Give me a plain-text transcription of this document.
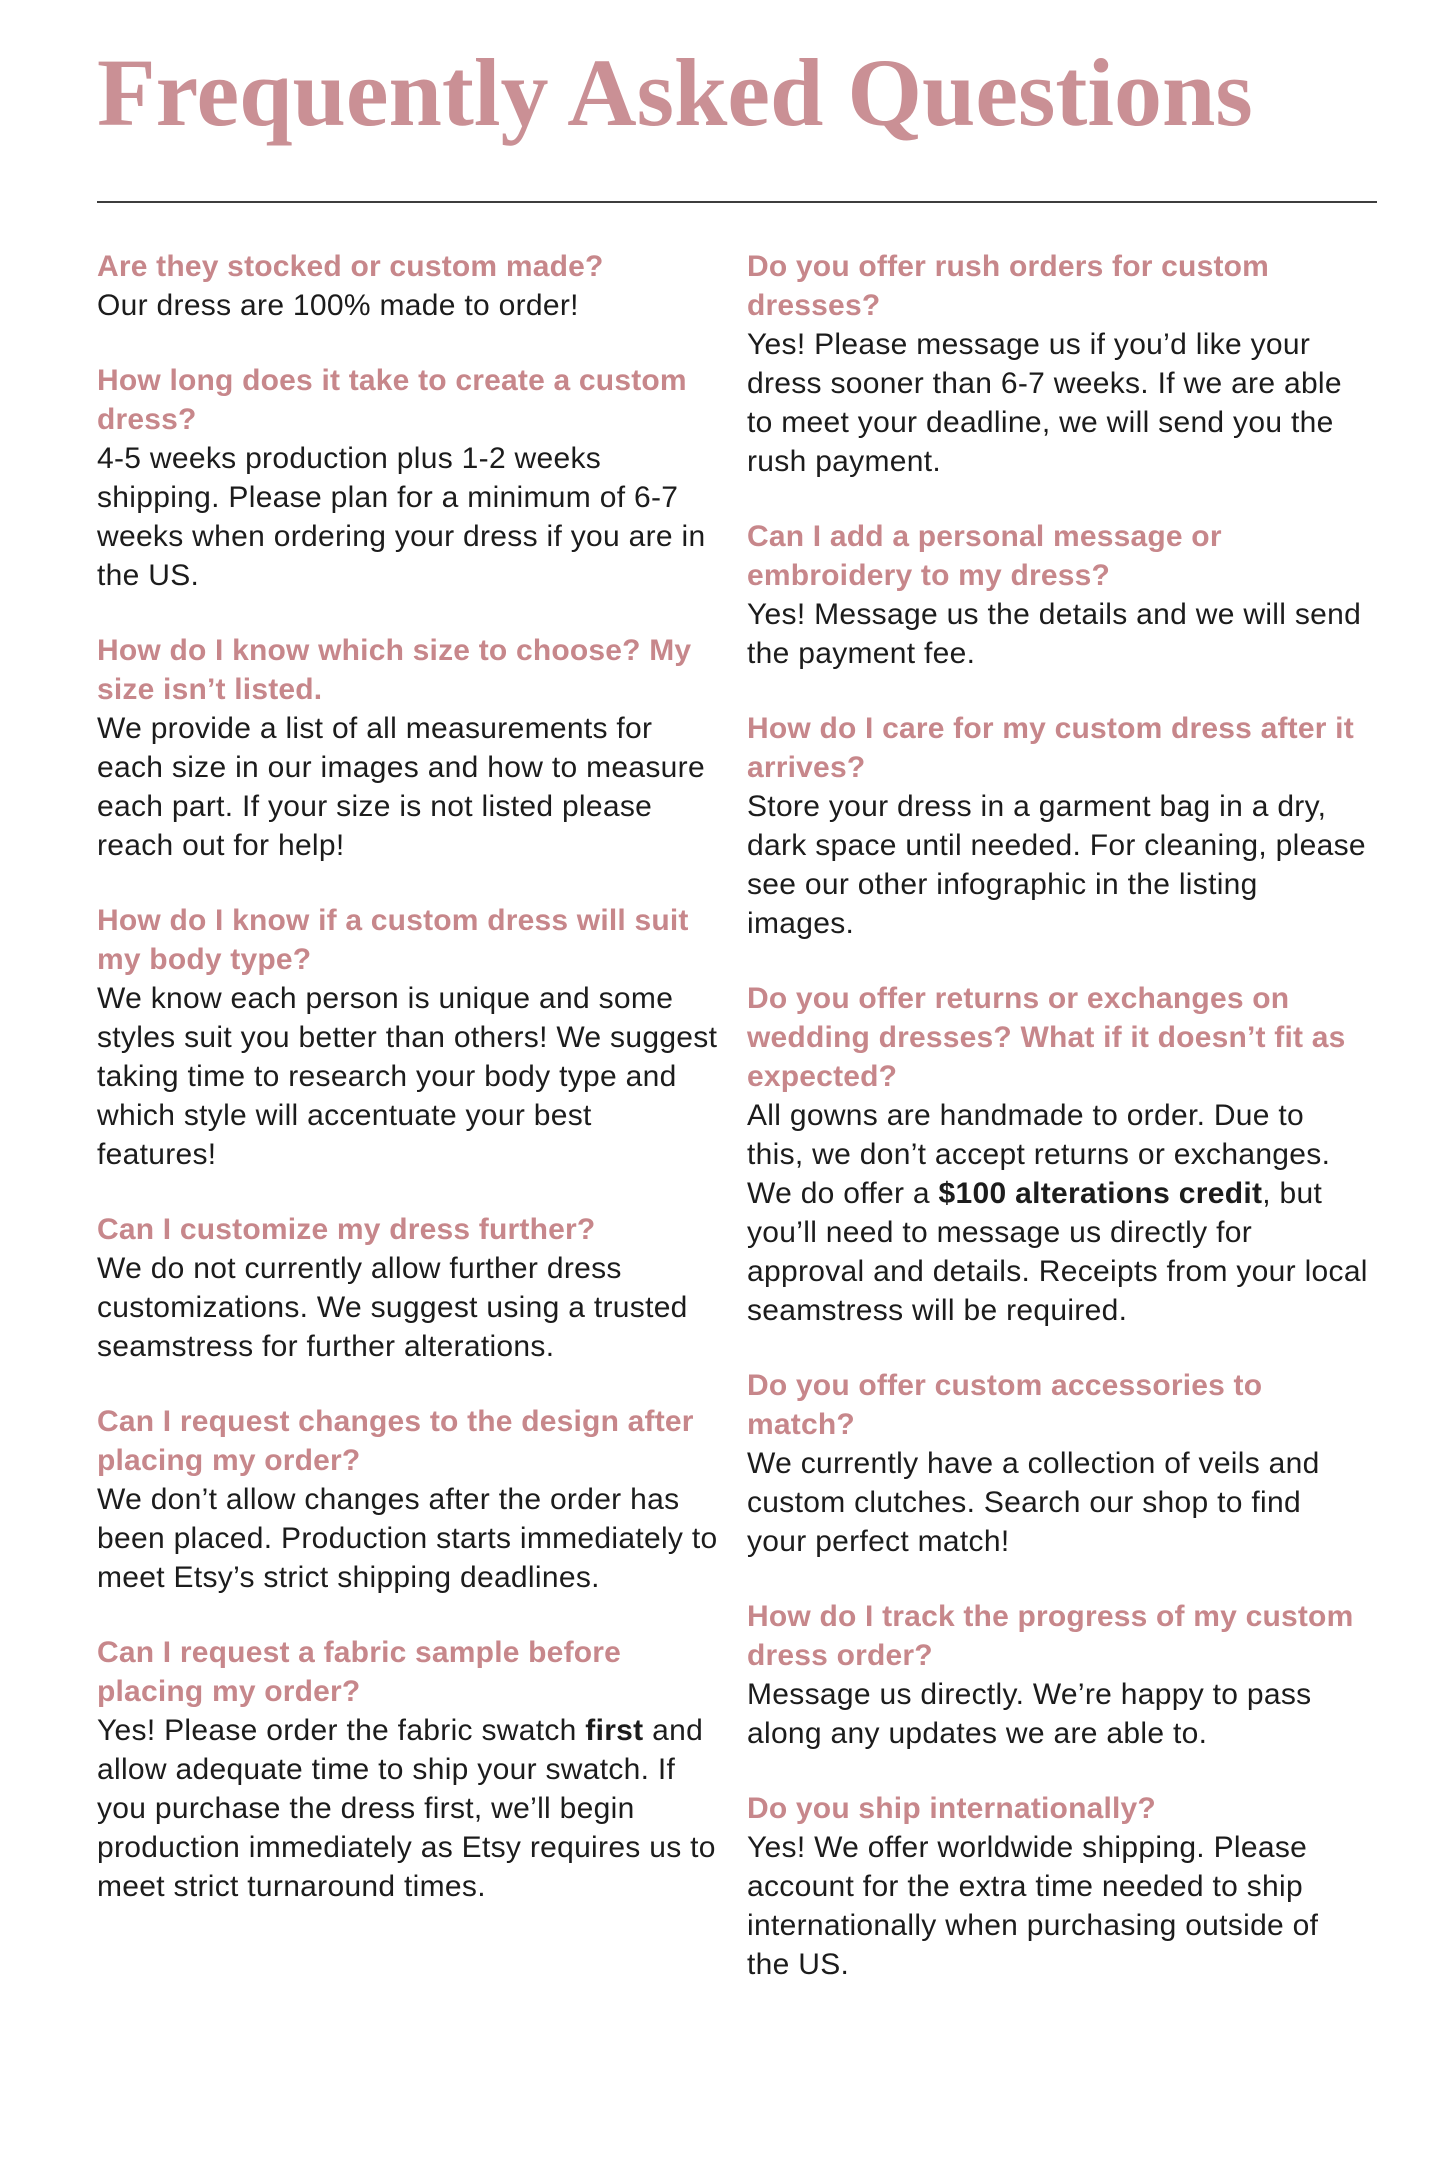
Frequently Asked Questions
Are they stocked or custom made?
Our dress are 100% made to order!
How long does it take to create a custom dress?
4-5 weeks production plus 1-2 weeks shipping. Please plan for a minimum of 6-7 weeks when ordering your dress if you are in the US.
How do I know which size to choose? My size isn’t listed.
We provide a list of all measurements for each size in our images and how to measure each part. If your size is not listed please reach out for help!
How do I know if a custom dress will suit my body type?
We know each person is unique and some styles suit you better than others! We suggest taking time to research your body type and which style will accentuate your best features!
Can I customize my dress further?
We do not currently allow further dress customizations. We suggest using a trusted seamstress for further alterations.
Can I request changes to the design after placing my order?
We don’t allow changes after the order has been placed. Production starts immediately to meet Etsy’s strict shipping deadlines.
Can I request a fabric sample before placing my order?
Yes! Please order the fabric swatch first and allow adequate time to ship your swatch. If you purchase the dress first, we’ll begin production immediately as Etsy requires us to meet strict turnaround times.
Do you offer rush orders for custom dresses?
Yes! Please message us if you’d like your dress sooner than 6-7 weeks. If we are able to meet your deadline, we will send you the rush payment.
Can I add a personal message or embroidery to my dress?
Yes! Message us the details and we will send the payment fee.
How do I care for my custom dress after it arrives?
Store your dress in a garment bag in a dry, dark space until needed. For cleaning, please see our other infographic in the listing images.
Do you offer returns or exchanges on wedding dresses? What if it doesn’t fit as expected?
All gowns are handmade to order. Due to this, we don’t accept returns or exchanges. We do offer a $100 alterations credit, but you’ll need to message us directly for approval and details. Receipts from your local seamstress will be required.
Do you offer custom accessories to match?
We currently have a collection of veils and custom clutches. Search our shop to find your perfect match!
How do I track the progress of my custom dress order?
Message us directly. We’re happy to pass along any updates we are able to.
Do you ship internationally?
Yes! We offer worldwide shipping. Please account for the extra time needed to ship internationally when purchasing outside of the US.
